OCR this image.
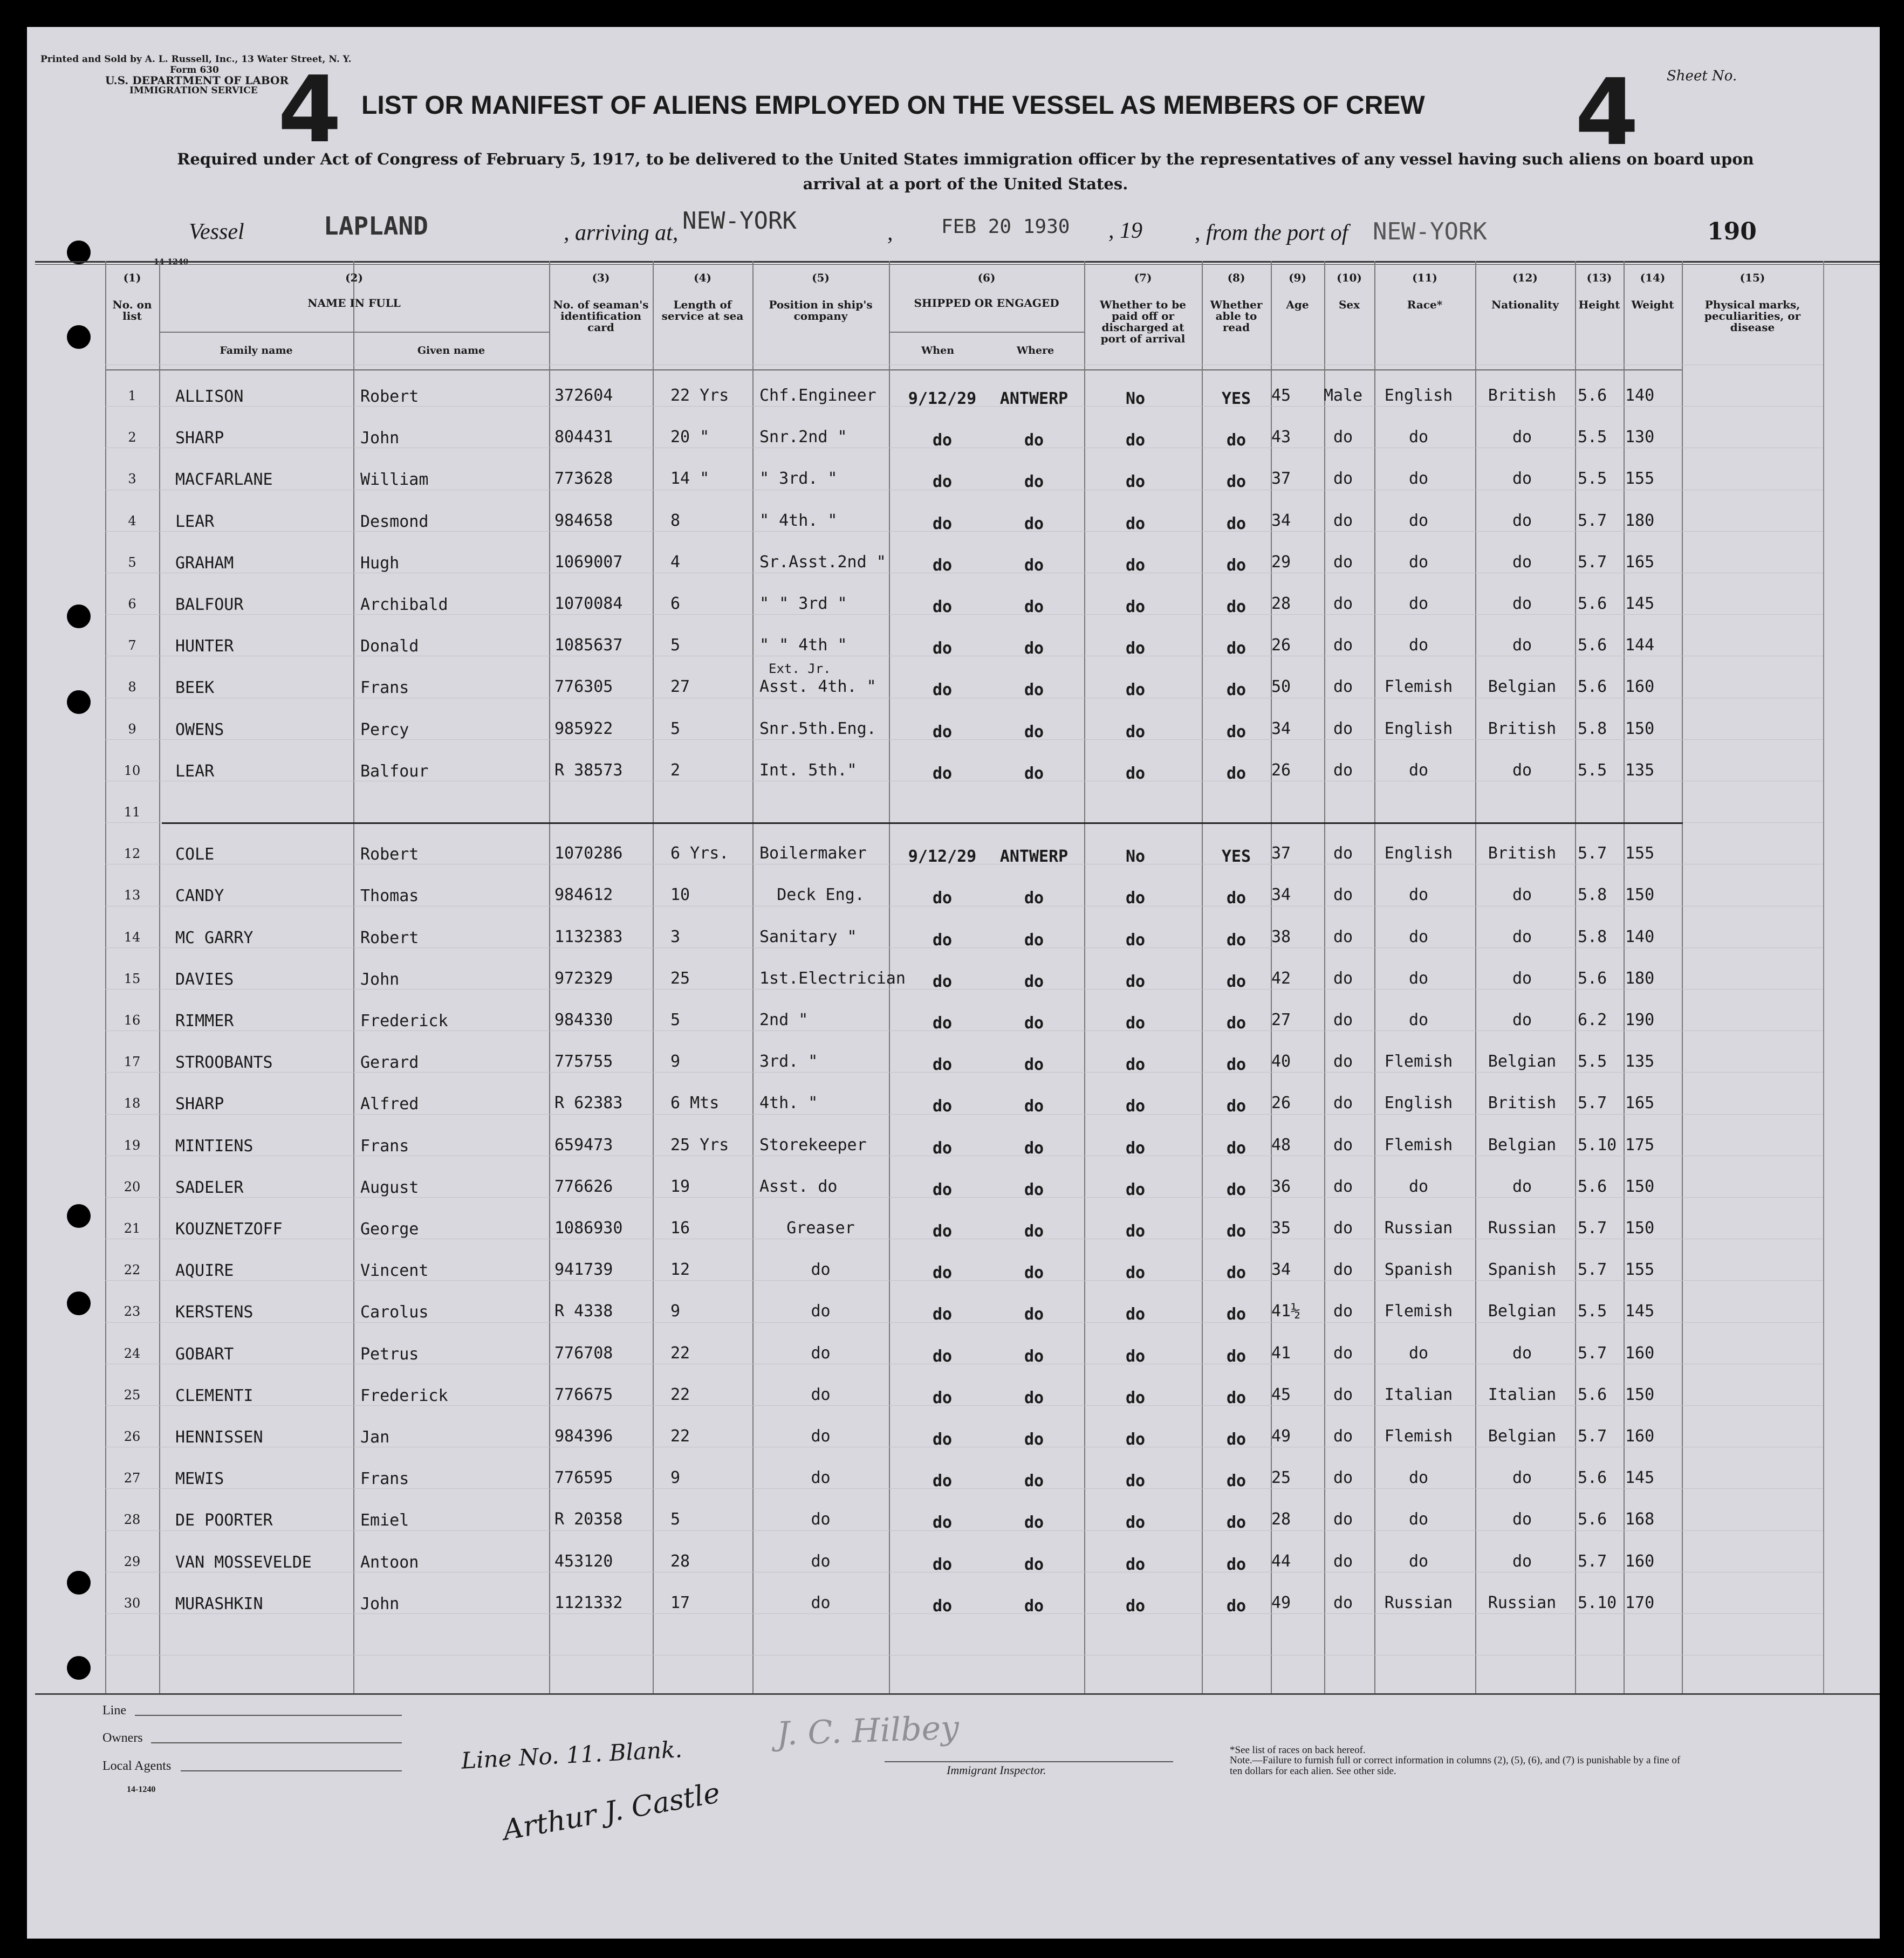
Printed and Sold by A. L. Russell, Inc., 13 Water Street, N. Y.
Form 630
U.S. DEPARTMENT OF LABOR
IMMIGRATION SERVICE
Sheet No.
4	4
LIST OR MANIFEST OF ALIENS EMPLOYED ON THE VESSEL AS MEMBERS OF CREW
Required under Act of Congress of February 5, 1917, to be delivered to the United States immigration officer by the representatives of any vessel having such aliens on board upon arrival at a port of the United States.
Vessel	LAPLAND	, arriving at, NEW-YORK	, FEB 20 1930 , 19 , from the port of NEW-YORK	190
(1)
No. on list
(2)
NAME IN FULL
Family name	Given name
(3)
No. of seaman's identification card
(4)
Length of service at sea
(5)
Position in ship's company
(6)
SHIPPED OR ENGAGED
When	Where
(7)
Whether to be paid off or discharged at port of arrival
(8)
Whether able to read
(9)
Age
(10)
Sex
(11)
Race*
(12)
Nationality
(13)
Height
(14)
Weight
(15)
Physical marks, peculiarities, or disease
1	ALLISON	Robert	372604	22 Yrs Chf.Engineer	9/12/29	ANTWERP	No	YES	45	Male	English	British	5.6 140
2	SHARP	John	804431	20 "	Snr.2nd "	do	do	do	do	43	do	do	do	5.5 130
3	MACFARLANE	William	773628	14 "	" 3rd. "	do	do	do	do	37	do	do	do	5.5 155
4	LEAR	Desmond	984658	8	" 4th. "	do	do	do	do	34	do	do	do	5.7 180
5	GRAHAM	Hugh	1069007	4	Sr.Asst.2nd "	do	do	do	do	29	do	do	do	5.7 165
6	BALFOUR	Archibald	1070084	6	" " 3rd "	do	do	do	do	28	do	do	do	5.6 145
7	HUNTER	Donald	1085637	5	" " 4th "	do	do	do	do	26	do	do	do	5.6 144
8	BEEK	Frans	776305	27	Asst. 4th. "	do	do	do	do	50	do	Flemish	Belgian	5.6 160
Ext. Jr.
9	OWENS	Percy	985922	5	Snr.5th.Eng.	do	do	do	do	34	do	English	British	5.8 150
10	LEAR	Balfour	R 38573	2	Int. 5th."	do	do	do	do	26	do	do	do	5.5 135
11
12	COLE	Robert	1070286	6 Yrs. Boilermaker	9/12/29	ANTWERP	No	YES	37	do	English	British	5.7 155
13	CANDY	Thomas	984612	10	Deck Eng.	do	do	do	do	34	do	do	do	5.8 150
14	MC GARRY	Robert	1132383	3	Sanitary "	do	do	do	do	38	do	do	do	5.8 140
15	DAVIES	John	972329	25	1st.Electrician	do	do	do	do	42	do	do	do	5.6 180
16	RIMMER	Frederick	984330	5	2nd "	do	do	do	do	27	do	do	do	6.2 190
17	STROOBANTS	Gerard	775755	9	3rd. "	do	do	do	do	40	do	Flemish	Belgian	5.5 135
18	SHARP	Alfred	R 62383	6 Mts 4th. "	do	do	do	do	26	do	English	British	5.7 165
19	MINTIENS	Frans	659473	25 Yrs Storekeeper	do	do	do	do	48	do	Flemish	Belgian	5.10 175
20	SADELER	August	776626	19	Asst. do	do	do	do	do	36	do	do	do	5.6 150
21	KOUZNETZOFF	George	1086930	16	Greaser	do	do	do	do	35	do	Russian	Russian	5.7 150
22	AQUIRE	Vincent	941739	12	do	do	do	do	do	34	do	Spanish	Spanish	5.7 155
23	KERSTENS	Carolus	R 4338	9	do	do	do	do	do	41½	do	Flemish	Belgian	5.5 145
24	GOBART	Petrus	776708	22	do	do	do	do	do	41	do	do	do	5.7 160
25	CLEMENTI	Frederick	776675	22	do	do	do	do	do	45	do	Italian	Italian	5.6 150
26	HENNISSEN	Jan	984396	22	do	do	do	do	do	49	do	Flemish	Belgian	5.7 160
27	MEWIS	Frans	776595	9	do	do	do	do	do	25	do	do	do	5.6 145
28	DE POORTER	Emiel	R 20358	5	do	do	do	do	do	28	do	do	do	5.6 168
29	VAN MOSSEVELDE	Antoon	453120	28	do	do	do	do	do	44	do	do	do	5.7 160
30	MURASHKIN	John	1121332	17	do	do	do	do	do	49	do	Russian	Russian	5.10 170
Line
Owners
Local Agents
14-1240
Line No. 11. Blank.
Arthur J. Castle
J. C. Hilbey
Immigrant Inspector.
*See list of races on back hereof.
Note.—Failure to furnish full or correct information in columns (2), (5), (6), and (7) is punishable by a fine of ten dollars for each alien. See other side.
